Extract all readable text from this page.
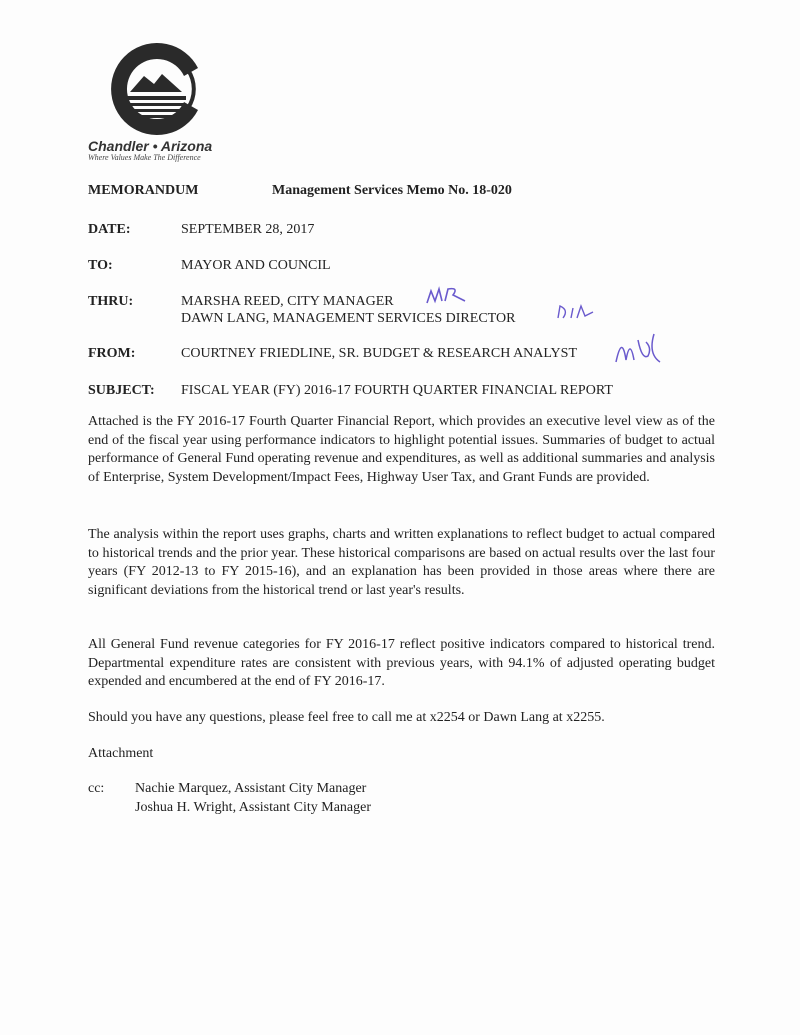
Chandler • Arizona
Where Values Make The Difference
MEMORANDUM	Management Services Memo No. 18-020
DATE:	SEPTEMBER 28, 2017
TO:	MAYOR AND COUNCIL
THRU:	MARSHA REED, CITY MANAGER
DAWN LANG, MANAGEMENT SERVICES DIRECTOR
FROM:	COURTNEY FRIEDLINE, SR. BUDGET & RESEARCH ANALYST
SUBJECT: FISCAL YEAR (FY) 2016-17 FOURTH QUARTER FINANCIAL REPORT
Attached is the FY 2016-17 Fourth Quarter Financial Report, which provides an executive level view as of the end of the fiscal year using performance indicators to highlight potential issues. Summaries of budget to actual performance of General Fund operating revenue and expenditures, as well as additional summaries and analysis of Enterprise, System Development/Impact Fees, Highway User Tax, and Grant Funds are provided.
The analysis within the report uses graphs, charts and written explanations to reflect budget to actual compared to historical trends and the prior year. These historical comparisons are based on actual results over the last four years (FY 2012-13 to FY 2015-16), and an explanation has been provided in those areas where there are significant deviations from the historical trend or last year's results.
All General Fund revenue categories for FY 2016-17 reflect positive indicators compared to historical trend. Departmental expenditure rates are consistent with previous years, with 94.1% of adjusted operating budget expended and encumbered at the end of FY 2016-17.
Should you have any questions, please feel free to call me at x2254 or Dawn Lang at x2255.
Attachment
cc: Nachie Marquez, Assistant City Manager
Joshua H. Wright, Assistant City Manager
